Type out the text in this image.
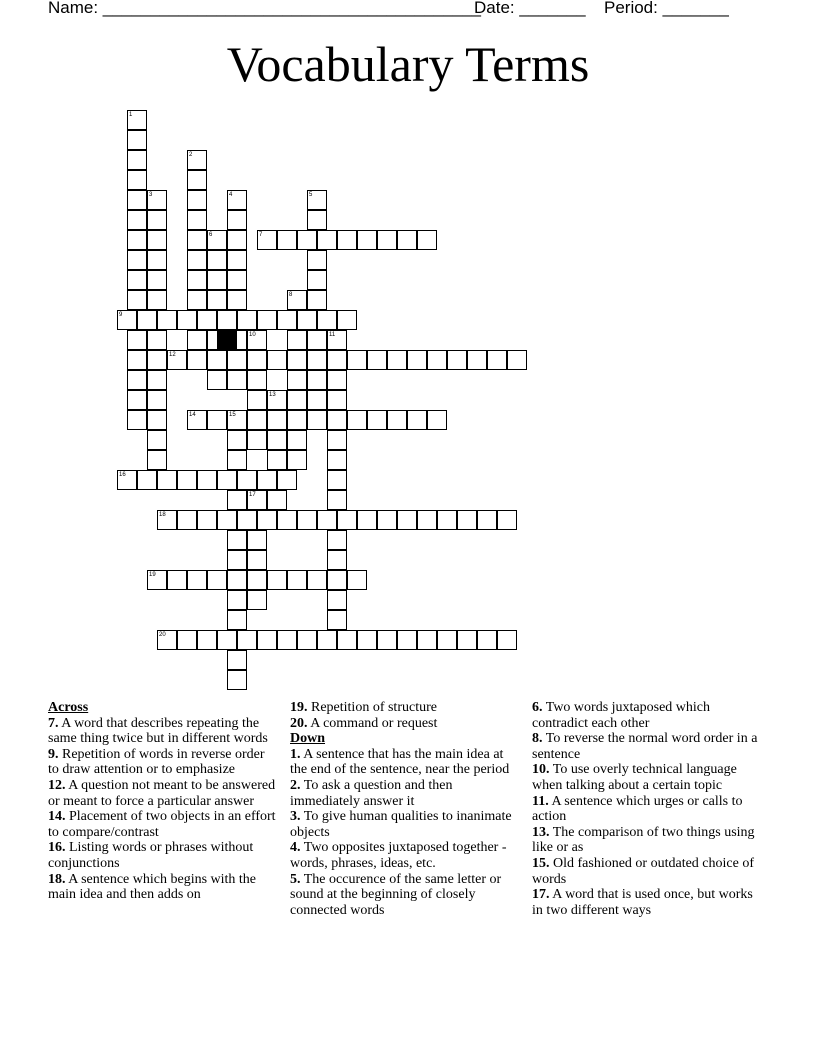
Name: ________________________________________

Date: _______

Period: _______

Vocabulary Terms
1
2
3	4	5
6	7
8
9
10	11
12
13
14	15
16
17
18
19
20
Across

7. A word that describes repeating the same thing twice but in different words

9. Repetition of words in reverse order to draw attention or to emphasize

12. A question not meant to be answered or meant to force a particular answer

14. Placement of two objects in an effort to compare/contrast

16. Listing words or phrases without conjunctions

18. A sentence which begins with the main idea and then adds on

19. Repetition of structure

20. A command or request

Down

1. A sentence that has the main idea at the end of the sentence, near the period

2. To ask a question and then immediately answer it

3. To give human qualities to inanimate objects

4. Two opposites juxtaposed together - words, phrases, ideas, etc.

5. The occurence of the same letter or sound at the beginning of closely connected words

6. Two words juxtaposed which contradict each other

8. To reverse the normal word order in a sentence

10. To use overly technical language when talking about a certain topic

11. A sentence which urges or calls to action

13. The comparison of two things using like or as

15. Old fashioned or outdated choice of words

17. A word that is used once, but works in two different ways
